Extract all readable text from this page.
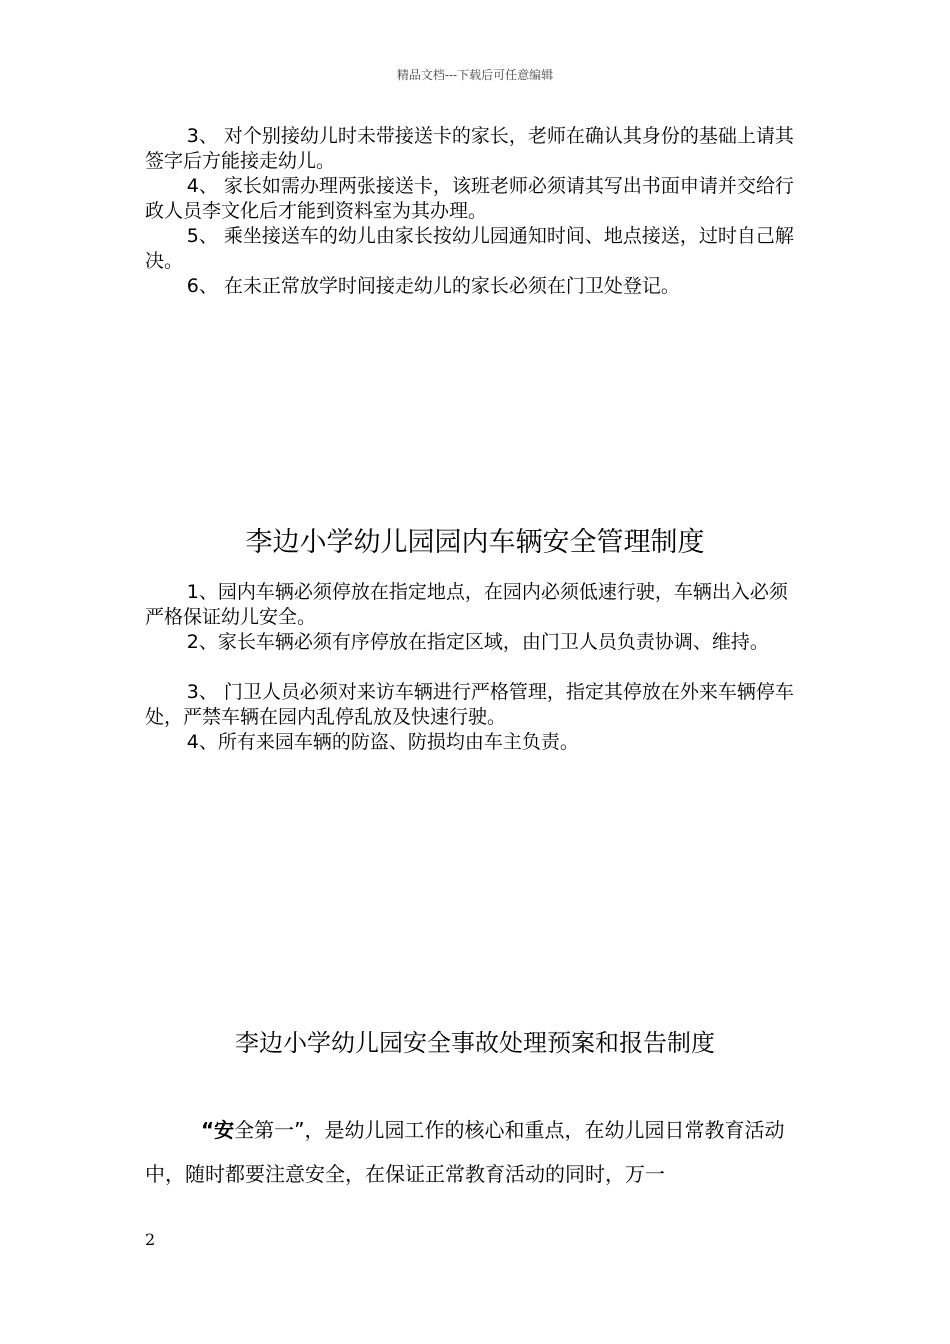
精品文档---下载后可任意编辑

3、 对个别接幼儿时未带接送卡的家长，老师在确认其身份的基础上请其签字后方能接走幼儿。

4、 家长如需办理两张接送卡，该班老师必须请其写出书面申请并交给行政人员李文化后才能到资料室为其办理。

5、 乘坐接送车的幼儿由家长按幼儿园通知时间、地点接送，过时自己解决。

6、 在未正常放学时间接走幼儿的家长必须在门卫处登记。

李边小学幼儿园园内车辆安全管理制度

1、园内车辆必须停放在指定地点，在园内必须低速行驶，车辆出入必须严格保证幼儿安全。

2、家长车辆必须有序停放在指定区域，由门卫人员负责协调、维持。

3、 门卫人员必须对来访车辆进行严格管理，指定其停放在外来车辆停车处，严禁车辆在园内乱停乱放及快速行驶。

4、所有来园车辆的防盗、防损均由车主负责。

李边小学幼儿园安全事故处理预案和报告制度

“安全第一”，是幼儿园工作的核心和重点，在幼儿园日常教育活动中，随时都要注意安全，在保证正常教育活动的同时，万一

2
